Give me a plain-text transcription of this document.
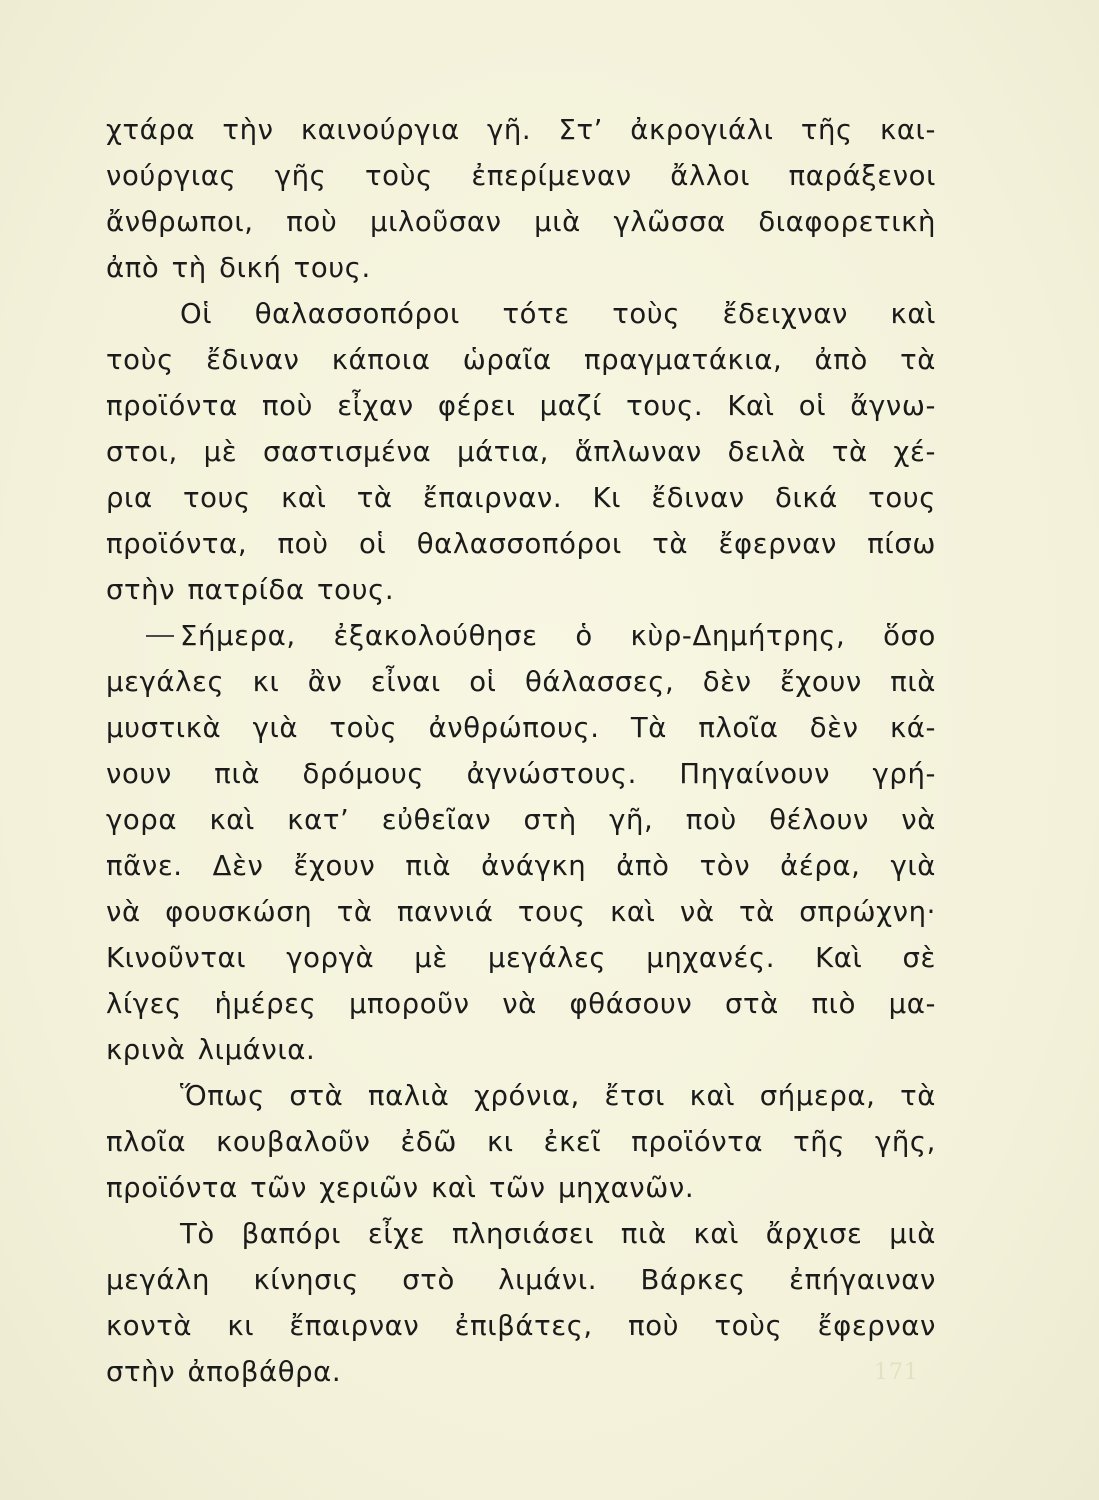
χτάρα τὴν καινούργια γῆ. Στ’ ἀκρογιάλι τῆς και-
νούργιας γῆς τοὺς ἐπερίμεναν ἄλλοι παράξενοι
ἄνθρωποι, ποὺ μιλοῦσαν μιὰ γλῶσσα διαφορετικὴ
ἀπὸ τὴ δική τους.
Οἱ θαλασσοπόροι τότε τοὺς ἔδειχναν καὶ
τοὺς ἔδιναν κάποια ὡραῖα πραγματάκια, ἀπὸ τὰ
προϊόντα ποὺ εἶχαν φέρει μαζί τους. Καὶ οἱ ἄγνω-
στοι, μὲ σαστισμένα μάτια, ἅπλωναν δειλὰ τὰ χέ-
ρια τους καὶ τὰ ἔπαιρναν. Κι ἔδιναν δικά τους
προϊόντα, ποὺ οἱ θαλασσοπόροι τὰ ἔφερναν πίσω
στὴν πατρίδα τους.
Σήμερα, ἐξακολούθησε ὁ κὺρ-Δημήτρης, ὅσο
μεγάλες κι ἂν εἶναι οἱ θάλασσες, δὲν ἔχουν πιὰ
μυστικὰ γιὰ τοὺς ἀνθρώπους. Τὰ πλοῖα δὲν κά-
νουν πιὰ δρόμους ἀγνώστους. Πηγαίνουν γρή-
γορα καὶ κατ’ εὐθεῖαν στὴ γῆ, ποὺ θέλουν νὰ
πᾶνε. Δὲν ἔχουν πιὰ ἀνάγκη ἀπὸ τὸν ἀέρα, γιὰ
νὰ φουσκώση τὰ παννιά τους καὶ νὰ τὰ σπρώχνη·
Κινοῦνται γοργὰ μὲ μεγάλες μηχανές. Καὶ σὲ
λίγες ἡμέρες μποροῦν νὰ φθάσουν στὰ πιὸ μα-
κρινὰ λιμάνια.
Ὅπως στὰ παλιὰ χρόνια, ἔτσι καὶ σήμερα, τὰ
πλοῖα κουβαλοῦν ἐδῶ κι ἐκεῖ προϊόντα τῆς γῆς,
προϊόντα τῶν χεριῶν καὶ τῶν μηχανῶν.
Τὸ βαπόρι εἶχε πλησιάσει πιὰ καὶ ἄρχισε μιὰ
μεγάλη κίνησις στὸ λιμάνι. Βάρκες ἐπήγαιναν
κοντὰ κι ἔπαιρναν ἐπιβάτες, ποὺ τοὺς ἔφερναν
στὴν ἀποβάθρα.	171
